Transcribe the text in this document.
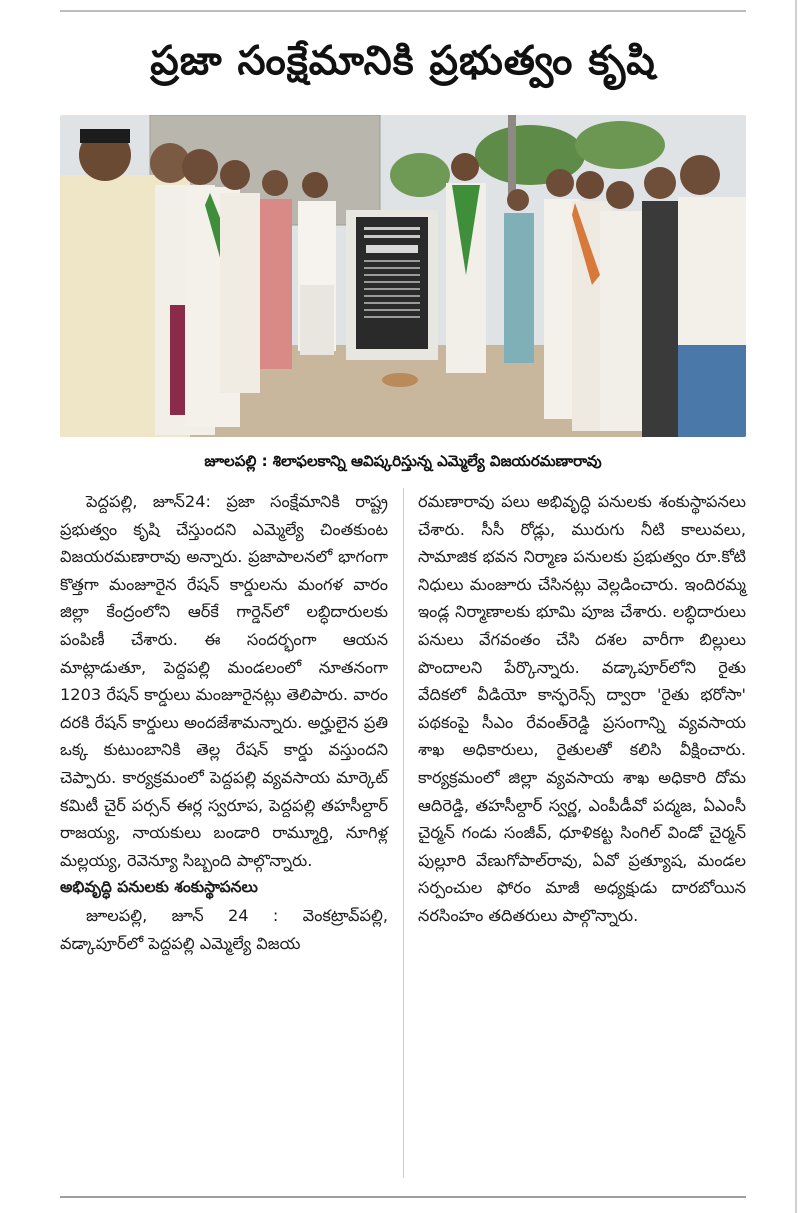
ప్రజా సంక్షేమానికి ప్రభుత్వం కృషి
జూలపల్లి : శిలాఫలకాన్ని ఆవిష్కరిస్తున్న ఎమ్మెల్యే విజయరమణారావు

పెద్దపల్లి, జూన్24: ప్రజా సంక్షేమానికి రాష్ట్ర ప్రభుత్వం కృషి చేస్తుందని ఎమ్మెల్యే చింతకుంట విజయరమణారావు అన్నారు. ప్రజాపాలనలో భాగంగా కొత్తగా మంజూరైన రేషన్ కార్డులను మంగళ వారం జిల్లా కేంద్రంలోని ఆర్‌కే గార్డెన్‌లో లబ్ధిదారులకు పంపిణీ చేశారు. ఈ సందర్భంగా ఆయన మాట్లాడుతూ, పెద్దపల్లి మండలంలో నూతనంగా 1203 రేషన్ కార్డులు మంజూరైనట్లు తెలిపారు. వారం దరకి రేషన్ కార్డులు అందజేశామన్నారు. అర్హులైన ప్రతి ఒక్క కుటుంబానికి తెల్ల రేషన్ కార్డు వస్తుందని చెప్పారు. కార్యక్రమంలో పెద్దపల్లి వ్యవసాయ మార్కెట్ కమిటీ చైర్ పర్సన్ ఈర్ల స్వరూప, పెద్దపల్లి తహసీల్దార్ రాజయ్య, నాయకులు బండారి రామ్మూర్తి, నూగిళ్ల మల్లయ్య, రెవెన్యూ సిబ్బంది పాల్గొన్నారు.

అభివృద్ధి పనులకు శంకుస్థాపనలు

జూలపల్లి, జూన్ 24 : వెంకట్రావ్‌పల్లి, వడ్కాపూర్‌లో పెద్దపల్లి ఎమ్మెల్యే విజయ

రమణారావు పలు అభివృద్ధి పనులకు శంకుస్థాపనలు చేశారు. సీసీ రోడ్లు, మురుగు నీటి కాలువలు, సామాజిక భవన నిర్మాణ పనులకు ప్రభుత్వం రూ.కోటి నిధులు మంజూరు చేసినట్లు వెల్లడించారు. ఇందిరమ్మ ఇండ్ల నిర్మాణాలకు భూమి పూజ చేశారు. లబ్ధిదారులు పనులు వేగవంతం చేసి దశల వారీగా బిల్లులు పొందాలని పేర్కొన్నారు. వడ్కాపూర్‌లోని రైతు వేదికలో వీడియో కాన్ఫరెన్స్ ద్వారా 'రైతు భరోసా' పథకంపై సీఎం రేవంత్‌రెడ్డి ప్రసంగాన్ని వ్యవసాయ శాఖ అధికారులు, రైతులతో కలిసి వీక్షించారు. కార్యక్రమంలో జిల్లా వ్యవసాయ శాఖ అధికారి దోమ ఆదిరెడ్డి, తహసీల్దార్ స్వర్ణ, ఎంపీడీవో పద్మజ, ఏఎంసీ చైర్మన్ గండు సంజీవ్, ధూళికట్ట సింగిల్ విండో చైర్మన్ పుల్లూరి వేణుగోపాల్‌రావు, ఏవో ప్రత్యూష, మండల సర్పంచుల ఫోరం మాజీ అధ్యక్షుడు దారబోయిన నరసింహం తదితరులు పాల్గొన్నారు.
